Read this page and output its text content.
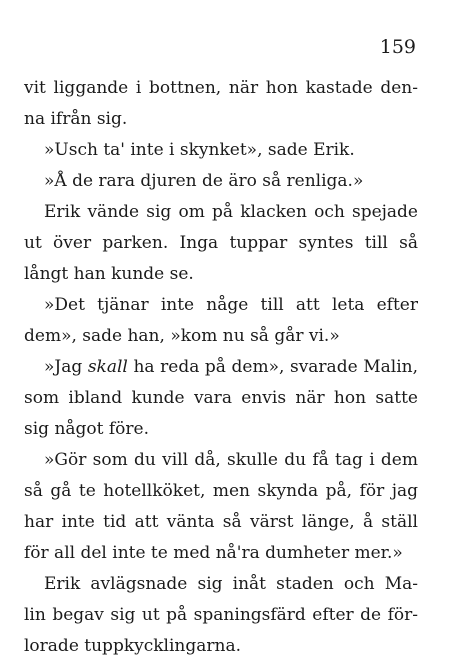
159
vit liggande i bottnen, när hon kastade den-
na ifrån sig.
»Usch ta' inte i skynket», sade Erik.
»Å de rara djuren de äro så renliga.»
Erik vände sig om på klacken och spejade
ut över parken. Inga tuppar syntes till så
långt han kunde se.
»Det tjänar inte någe till att leta efter
dem», sade han, »kom nu så går vi.»
»Jag skall ha reda på dem», svarade Malin,
som ibland kunde vara envis när hon satte
sig något före.
»Gör som du vill då, skulle du få tag i dem
så gå te hotellköket, men skynda på, för jag
har inte tid att vänta så värst länge, å ställ
för all del inte te med nå'ra dumheter mer.»
Erik avlägsnade sig inåt staden och Ma-
lin begav sig ut på spaningsfärd efter de för-
lorade tuppkycklingarna.
